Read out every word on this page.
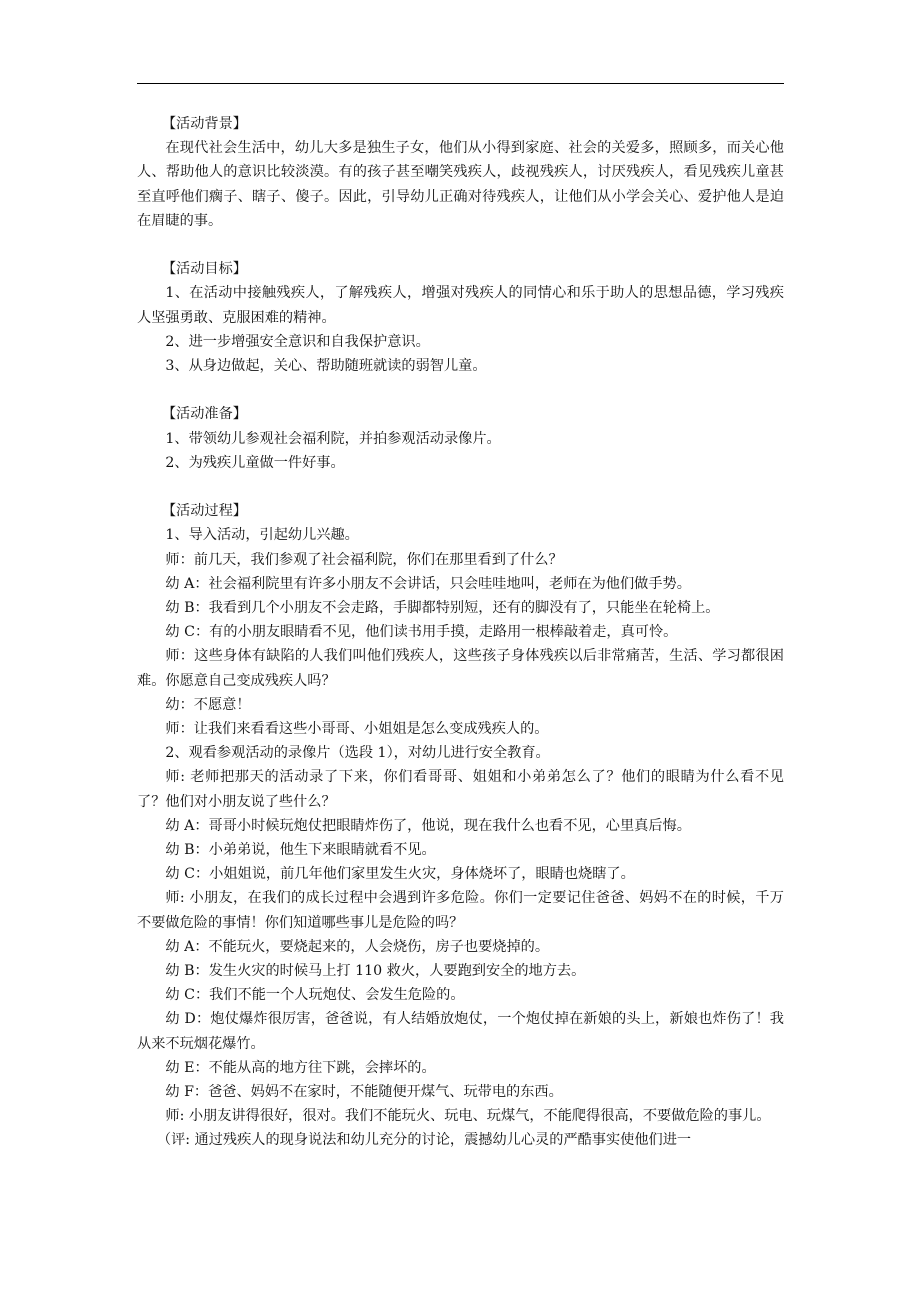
【活动背景】

在现代社会生活中，幼儿大多是独生子女，他们从小得到家庭、社会的关爱多，照顾多，而关心他人、帮助他人的意识比较淡漠。有的孩子甚至嘲笑残疾人，歧视残疾人，讨厌残疾人，看见残疾儿童甚至直呼他们瘸子、瞎子、傻子。因此，引导幼儿正确对待残疾人，让他们从小学会关心、爱护他人是迫在眉睫的事。

【活动目标】

1、在活动中接触残疾人，了解残疾人，增强对残疾人的同情心和乐于助人的思想品德，学习残疾人坚强勇敢、克服困难的精神。

2、进一步增强安全意识和自我保护意识。

3、从身边做起，关心、帮助随班就读的弱智儿童。

【活动准备】

1、带领幼儿参观社会福利院，并拍参观活动录像片。

2、为残疾儿童做一件好事。

【活动过程】

1、导入活动，引起幼儿兴趣。

师：前几天，我们参观了社会福利院，你们在那里看到了什么？

幼 A：社会福利院里有许多小朋友不会讲话，只会哇哇地叫，老师在为他们做手势。

幼 B：我看到几个小朋友不会走路，手脚都特别短，还有的脚没有了，只能坐在轮椅上。

幼 C：有的小朋友眼睛看不见，他们读书用手摸，走路用一根棒敲着走，真可怜。

师：这些身体有缺陷的人我们叫他们残疾人，这些孩子身体残疾以后非常痛苦，生活、学习都很困难。你愿意自己变成残疾人吗？

幼：不愿意！

师：让我们来看看这些小哥哥、小姐姐是怎么变成残疾人的。

2、观看参观活动的录像片（选段 1），对幼儿进行安全教育。

师: 老师把那天的活动录了下来，你们看哥哥、姐姐和小弟弟怎么了？他们的眼睛为什么看不见了？他们对小朋友说了些什么？

幼 A：哥哥小时候玩炮仗把眼睛炸伤了，他说，现在我什么也看不见，心里真后悔。

幼 B：小弟弟说，他生下来眼睛就看不见。

幼 C：小姐姐说，前几年他们家里发生火灾，身体烧坏了，眼睛也烧瞎了。

师: 小朋友，在我们的成长过程中会遇到许多危险。你们一定要记住爸爸、妈妈不在的时候，千万不要做危险的事情！你们知道哪些事儿是危险的吗？

幼 A：不能玩火，要烧起来的，人会烧伤，房子也要烧掉的。

幼 B：发生火灾的时候马上打 110 救火，人要跑到安全的地方去。

幼 C：我们不能一个人玩炮仗、会发生危险的。

幼 D：炮仗爆炸很厉害，爸爸说，有人结婚放炮仗，一个炮仗掉在新娘的头上，新娘也炸伤了！我从来不玩烟花爆竹。

幼 E：不能从高的地方往下跳，会摔坏的。

幼 F：爸爸、妈妈不在家时，不能随便开煤气、玩带电的东西。

师: 小朋友讲得很好，很对。我们不能玩火、玩电、玩煤气，不能爬得很高，不要做危险的事儿。

（评: 通过残疾人的现身说法和幼儿充分的讨论，震撼幼儿心灵的严酷事实使他们进一
